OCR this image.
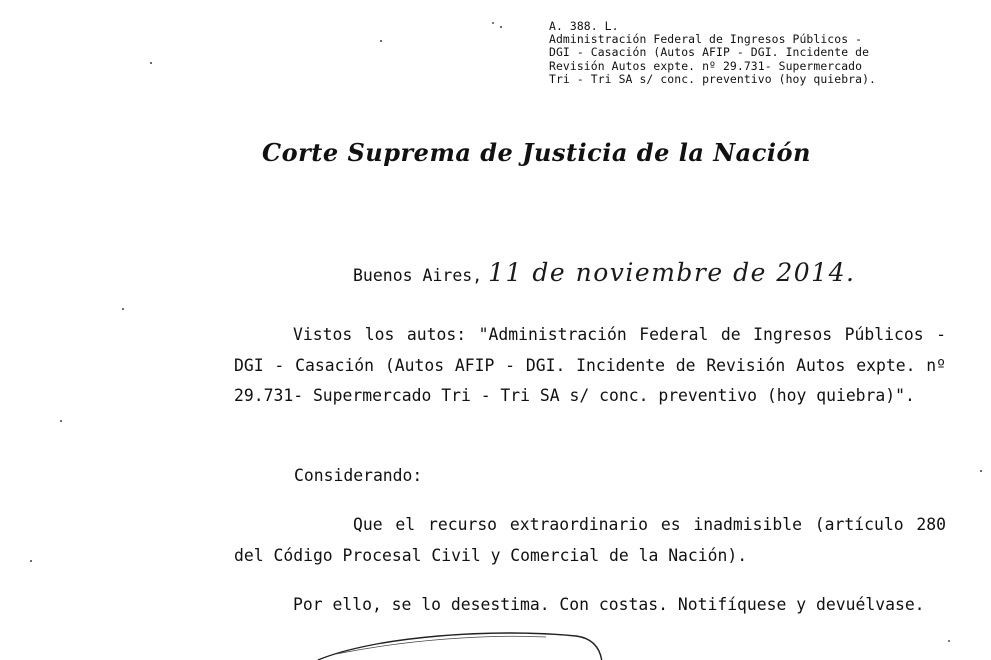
A. 388. L.
Administración Federal de Ingresos Públicos -
DGI - Casación (Autos AFIP - DGI. Incidente de
Revisión Autos expte. nº 29.731- Supermercado
Tri - Tri SA s/ conc. preventivo (hoy quiebra).
Corte Suprema de Justicia de la Nación
Buenos Aires, 11 de noviembre de 2014.
Vistos los autos: "Administración Federal de Ingresos Públicos - DGI - Casación (Autos AFIP - DGI. Incidente de Revisión Autos expte. nº 29.731- Supermercado Tri - Tri SA s/ conc. preventivo (hoy quiebra)".
Considerando:
Que el recurso extraordinario es inadmisible (artículo 280 del Código Procesal Civil y Comercial de la Nación).
Por ello, se lo desestima. Con costas. Notifíquese y devuélvase.
